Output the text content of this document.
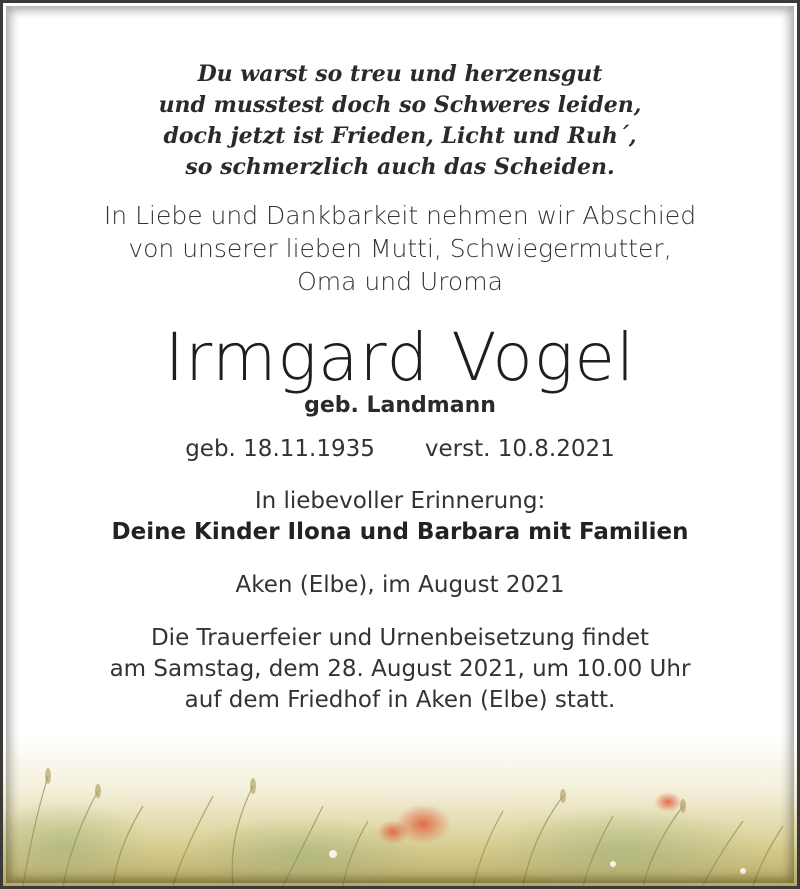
Du warst so treu und herzensgut
und musstest doch so Schweres leiden,
doch jetzt ist Frieden, Licht und Ruh´,
so schmerzlich auch das Scheiden.
In Liebe und Dankbarkeit nehmen wir Abschied
von unserer lieben Mutti, Schwiegermutter,
Oma und Uroma
Irmgard Vogel
geb. Landmann
geb. 18.11.1935 verst. 10.8.2021
In liebevoller Erinnerung:
Deine Kinder Ilona und Barbara mit Familien
Aken (Elbe), im August 2021
Die Trauerfeier und Urnenbeisetzung findet
am Samstag, dem 28. August 2021, um 10.00 Uhr
auf dem Friedhof in Aken (Elbe) statt.
